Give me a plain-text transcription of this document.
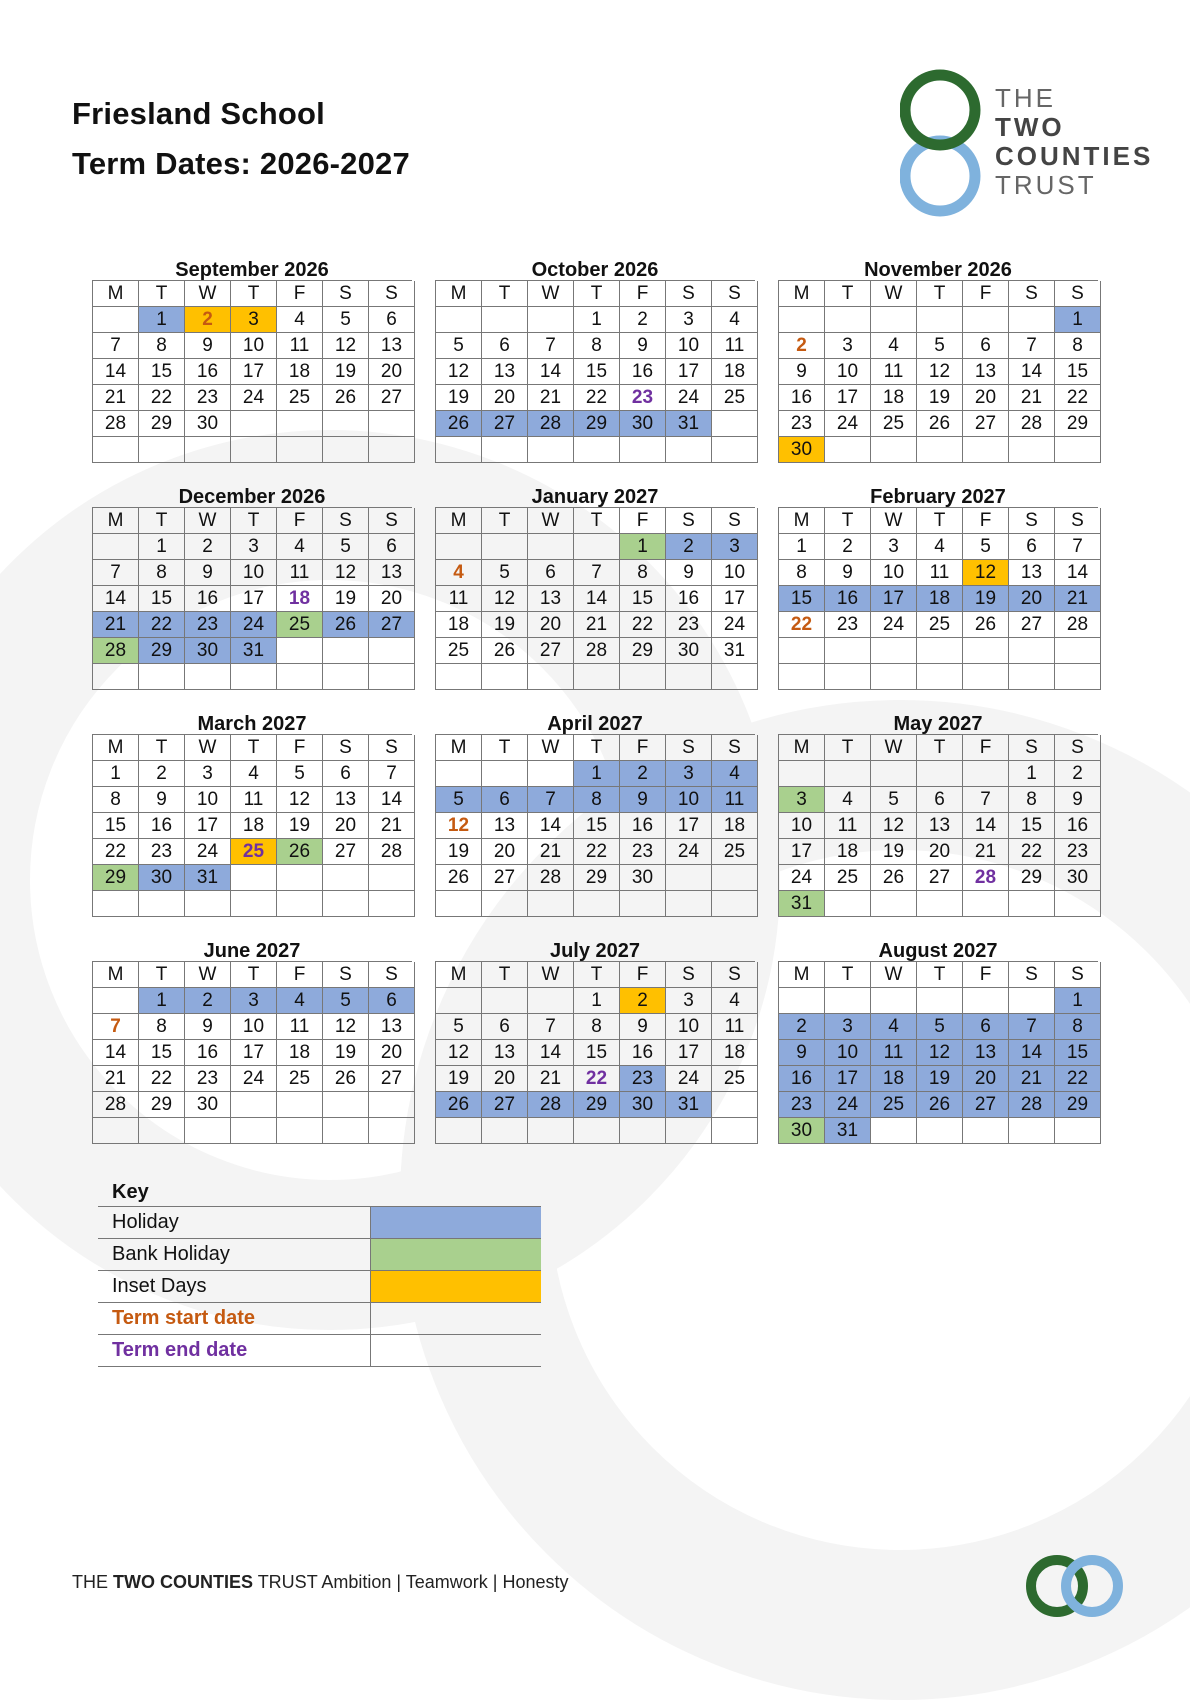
Friesland School
Term Dates: 2026-2027
THE
TWO
COUNTIES
TRUST
September 2026
M	T	W	T	F	S	S
	1	2	3	4	5	6
7	8	9	10	11	12	13
14	15	16	17	18	19	20
21	22	23	24	25	26	27
28	29	30				

October 2026
M	T	W	T	F	S	S
			1	2	3	4
5	6	7	8	9	10	11
12	13	14	15	16	17	18
19	20	21	22	23	24	25
26	27	28	29	30	31	

November 2026
M	T	W	T	F	S	S
						1
2	3	4	5	6	7	8
9	10	11	12	13	14	15
16	17	18	19	20	21	22
23	24	25	26	27	28	29
30						
December 2026
M	T	W	T	F	S	S
	1	2	3	4	5	6
7	8	9	10	11	12	13
14	15	16	17	18	19	20
21	22	23	24	25	26	27
28	29	30	31			

January 2027
M	T	W	T	F	S	S
				1	2	3
4	5	6	7	8	9	10
11	12	13	14	15	16	17
18	19	20	21	22	23	24
25	26	27	28	29	30	31

February 2027
M	T	W	T	F	S	S
1	2	3	4	5	6	7
8	9	10	11	12	13	14
15	16	17	18	19	20	21
22	23	24	25	26	27	28

March 2027
M	T	W	T	F	S	S
1	2	3	4	5	6	7
8	9	10	11	12	13	14
15	16	17	18	19	20	21
22	23	24	25	26	27	28
29	30	31				

April 2027
M	T	W	T	F	S	S
			1	2	3	4
5	6	7	8	9	10	11
12	13	14	15	16	17	18
19	20	21	22	23	24	25
26	27	28	29	30		

May 2027
M	T	W	T	F	S	S
					1	2
3	4	5	6	7	8	9
10	11	12	13	14	15	16
17	18	19	20	21	22	23
24	25	26	27	28	29	30
31						
June 2027
M	T	W	T	F	S	S
	1	2	3	4	5	6
7	8	9	10	11	12	13
14	15	16	17	18	19	20
21	22	23	24	25	26	27
28	29	30				

July 2027
M	T	W	T	F	S	S
			1	2	3	4
5	6	7	8	9	10	11
12	13	14	15	16	17	18
19	20	21	22	23	24	25
26	27	28	29	30	31	

August 2027
M	T	W	T	F	S	S
						1
2	3	4	5	6	7	8
9	10	11	12	13	14	15
16	17	18	19	20	21	22
23	24	25	26	27	28	29
30	31					
Key
Holiday	
Bank Holiday	
Inset Days	
Term start date	
Term end date	
THE TWO COUNTIES TRUST Ambition | Teamwork | Honesty
